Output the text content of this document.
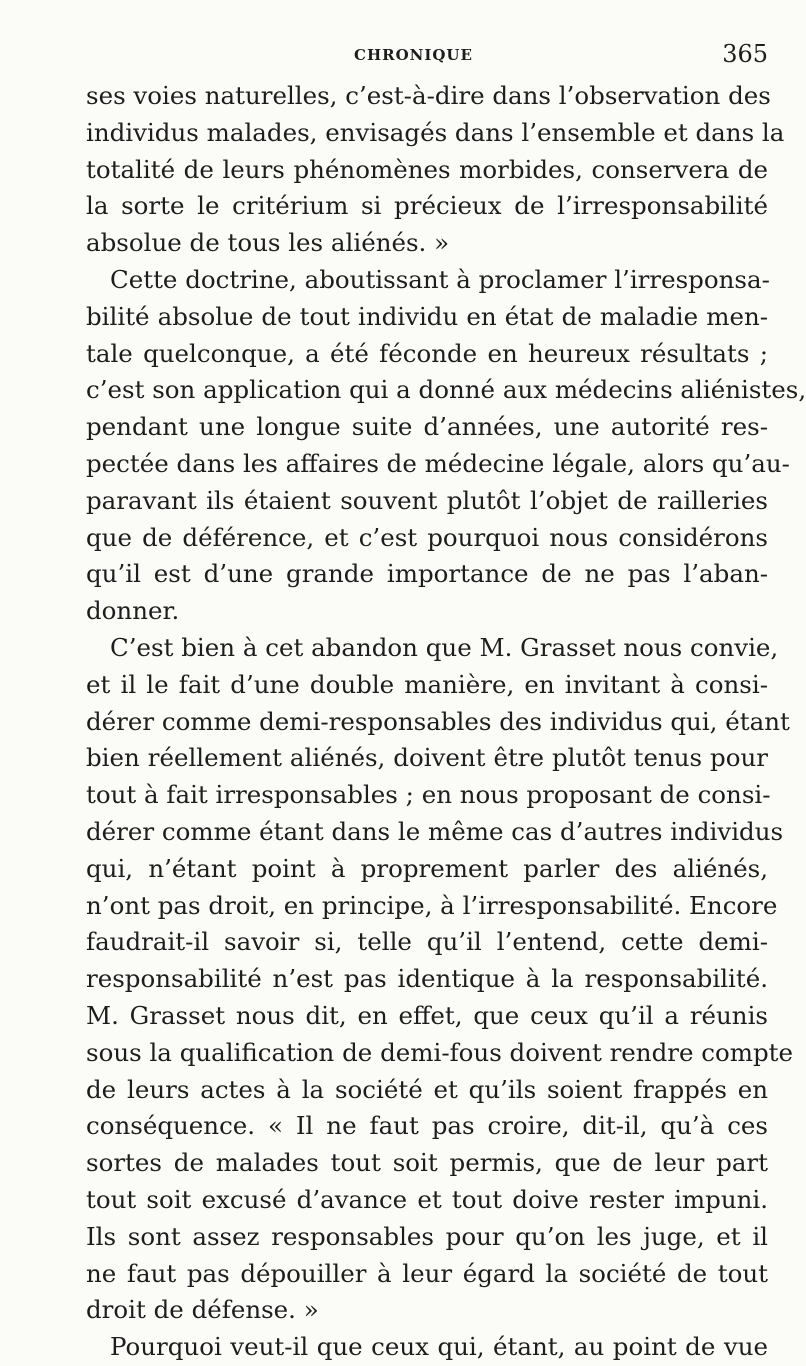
CHRONIQUE	365
ses voies naturelles, c’est-à-dire dans l’observation des
individus malades, envisagés dans l’ensemble et dans la
totalité de leurs phénomènes morbides, conservera de
la sorte le critérium si précieux de l’irresponsabilité
absolue de tous les aliénés. »
Cette doctrine, aboutissant à proclamer l’irresponsa-
bilité absolue de tout individu en état de maladie men-
tale quelconque, a été féconde en heureux résultats ;
c’est son application qui a donné aux médecins aliénistes,
pendant une longue suite d’années, une autorité res-
pectée dans les affaires de médecine légale, alors qu’au-
paravant ils étaient souvent plutôt l’objet de railleries
que de déférence, et c’est pourquoi nous considérons
qu’il est d’une grande importance de ne pas l’aban-
donner.
C’est bien à cet abandon que M. Grasset nous convie,
et il le fait d’une double manière, en invitant à consi-
dérer comme demi-responsables des individus qui, étant
bien réellement aliénés, doivent être plutôt tenus pour
tout à fait irresponsables ; en nous proposant de consi-
dérer comme étant dans le même cas d’autres individus
qui, n’étant point à proprement parler des aliénés,
n’ont pas droit, en principe, à l’irresponsabilité. Encore
faudrait-il savoir si, telle qu’il l’entend, cette demi-
responsabilité n’est pas identique à la responsabilité.
M. Grasset nous dit, en effet, que ceux qu’il a réunis
sous la qualification de demi-fous doivent rendre compte
de leurs actes à la société et qu’ils soient frappés en
conséquence. « Il ne faut pas croire, dit-il, qu’à ces
sortes de malades tout soit permis, que de leur part
tout soit excusé d’avance et tout doive rester impuni.
Ils sont assez responsables pour qu’on les juge, et il
ne faut pas dépouiller à leur égard la société de tout
droit de défense. »
Pourquoi veut-il que ceux qui, étant, au point de vue
